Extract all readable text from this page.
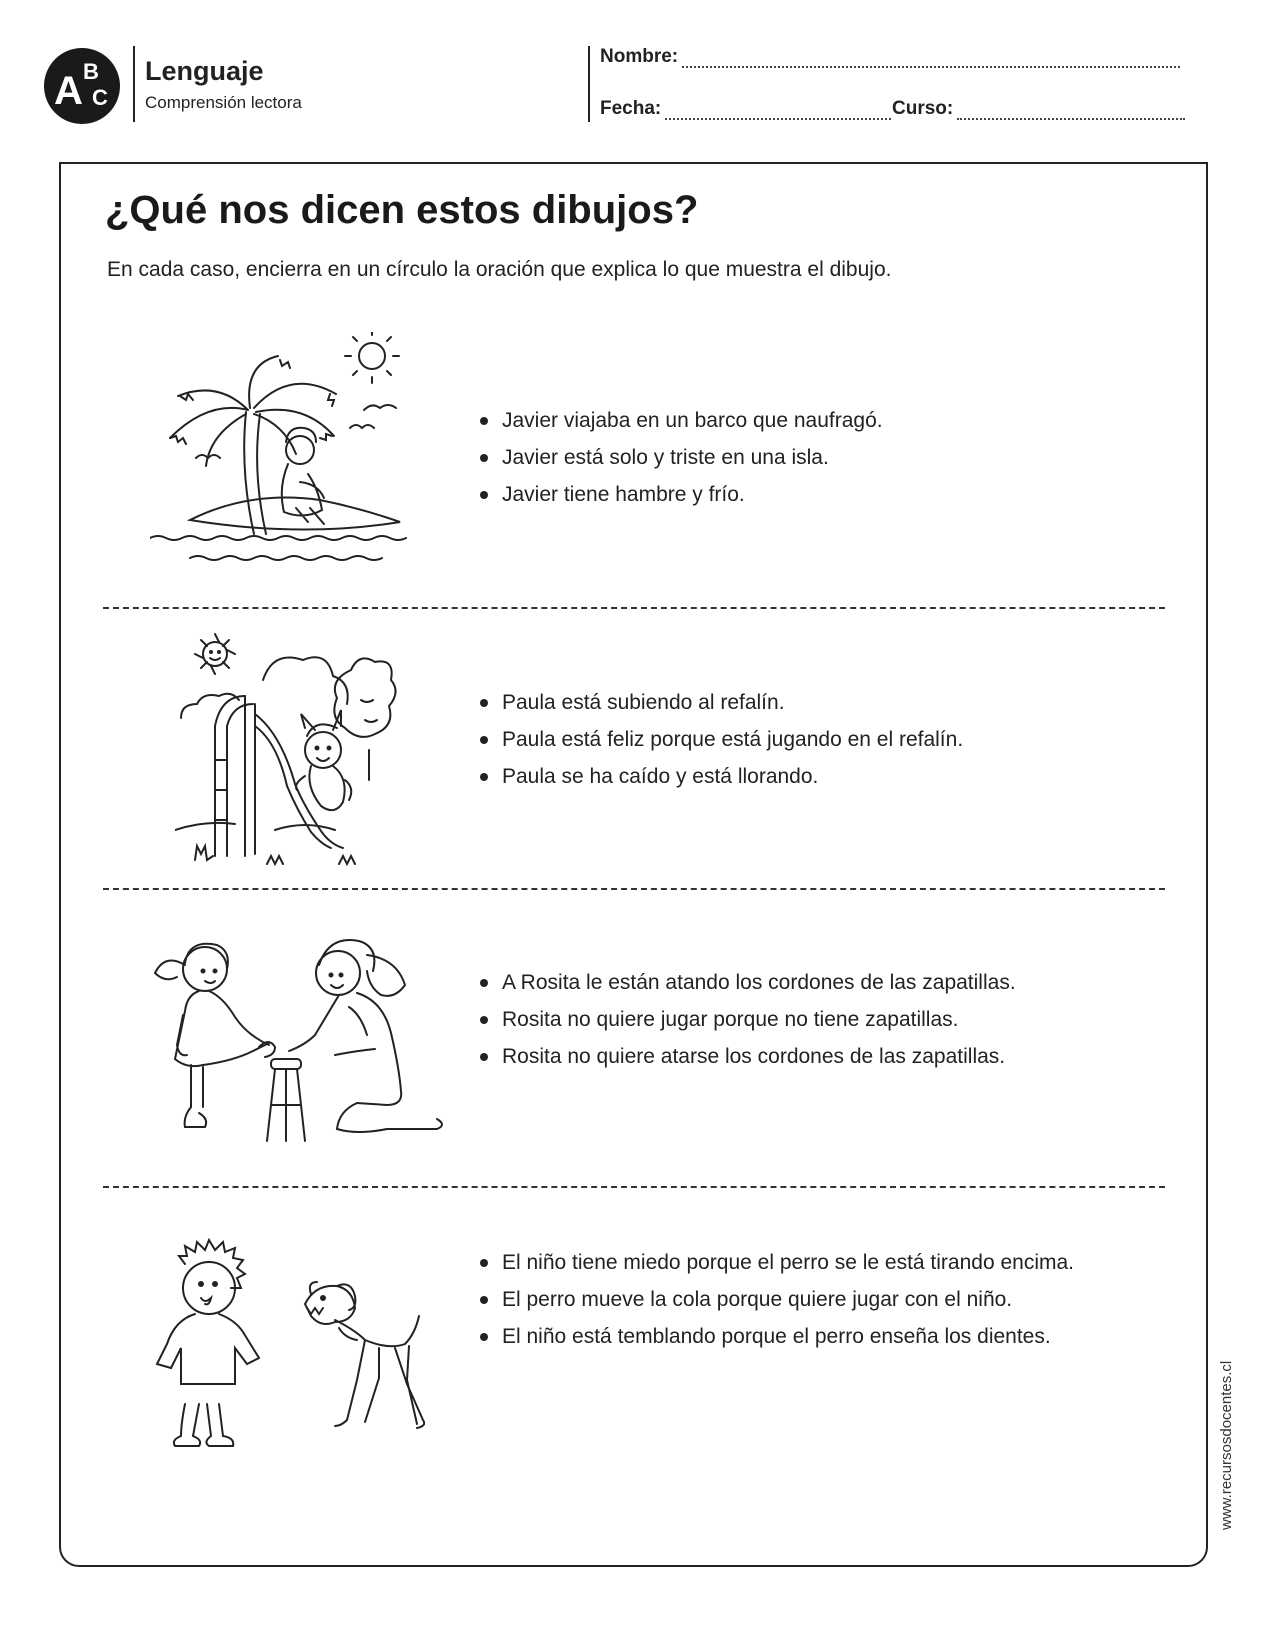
A B
C
Lenguaje
Comprensión lectora
Nombre:
Fecha:	Curso:
¿Qué nos dicen estos dibujos?
En cada caso, encierra en un círculo la oración que explica lo que muestra el dibujo.
Javier viajaba en un barco que naufragó.
Javier está solo y triste en una isla.
Javier tiene hambre y frío.
Paula está subiendo al refalín.
Paula está feliz porque está jugando en el refalín.
Paula se ha caído y está llorando.
A Rosita le están atando los cordones de las zapatillas.
Rosita no quiere jugar porque no tiene zapatillas.
Rosita no quiere atarse los cordones de las zapatillas.
El niño tiene miedo porque el perro se le está tirando encima.
El perro mueve la cola porque quiere jugar con el niño.
El niño está temblando porque el perro enseña los dientes.
www.recursosdocentes.cl
